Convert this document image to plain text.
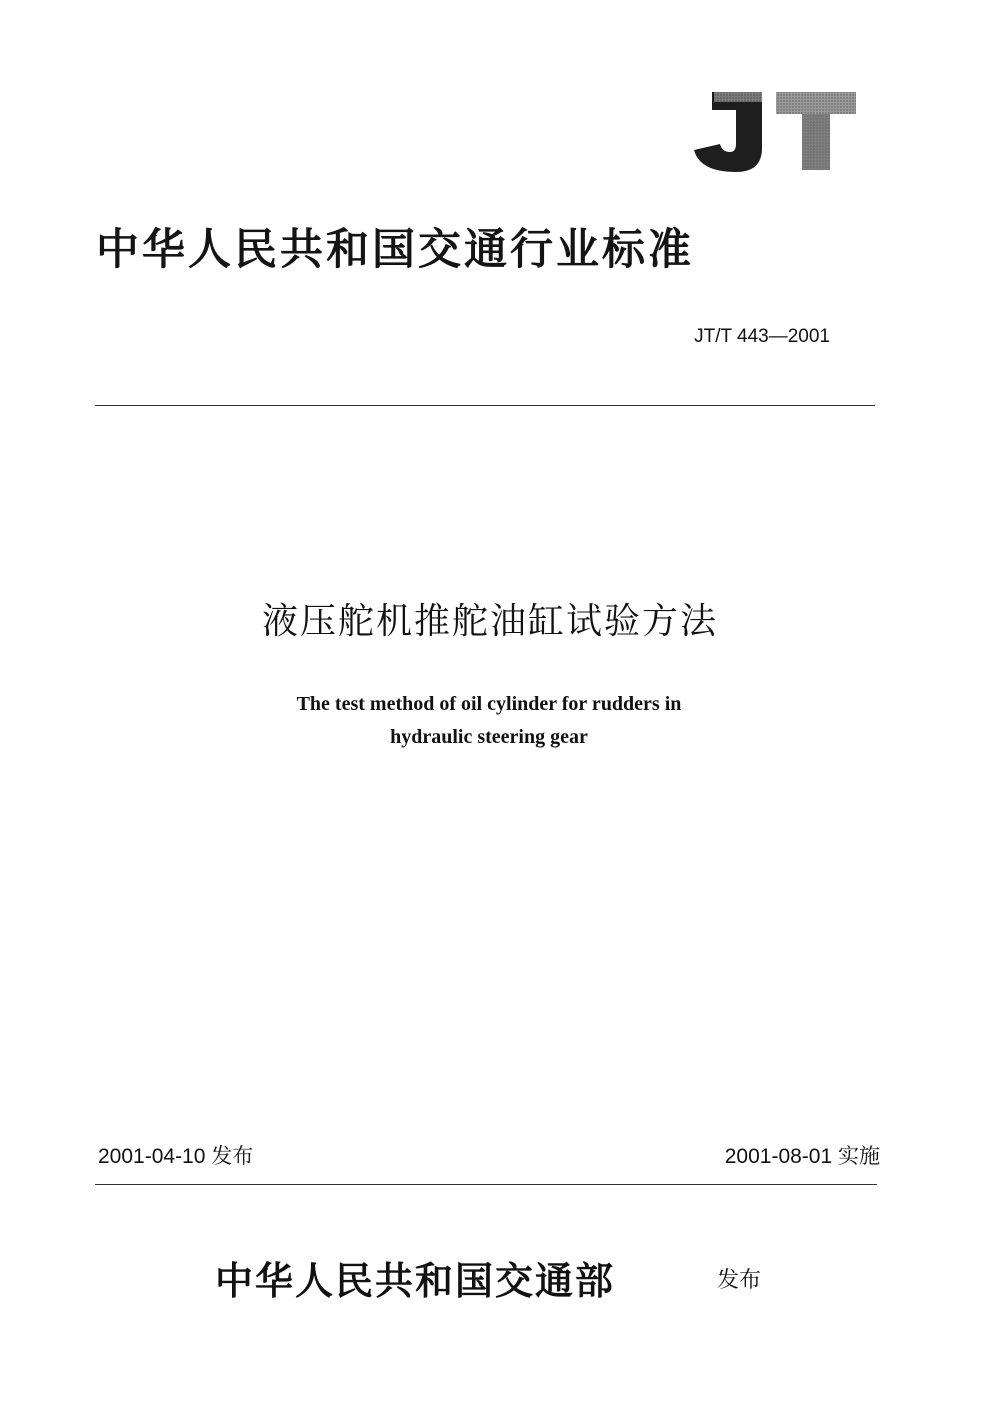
中华人民共和国交通行业标准
JT/T 443—2001
液压舵机推舵油缸试验方法
The test method of oil cylinder for rudders in
hydraulic steering gear
2001-04-10 发布	2001-08-01 实施
中华人民共和国交通部	发布
